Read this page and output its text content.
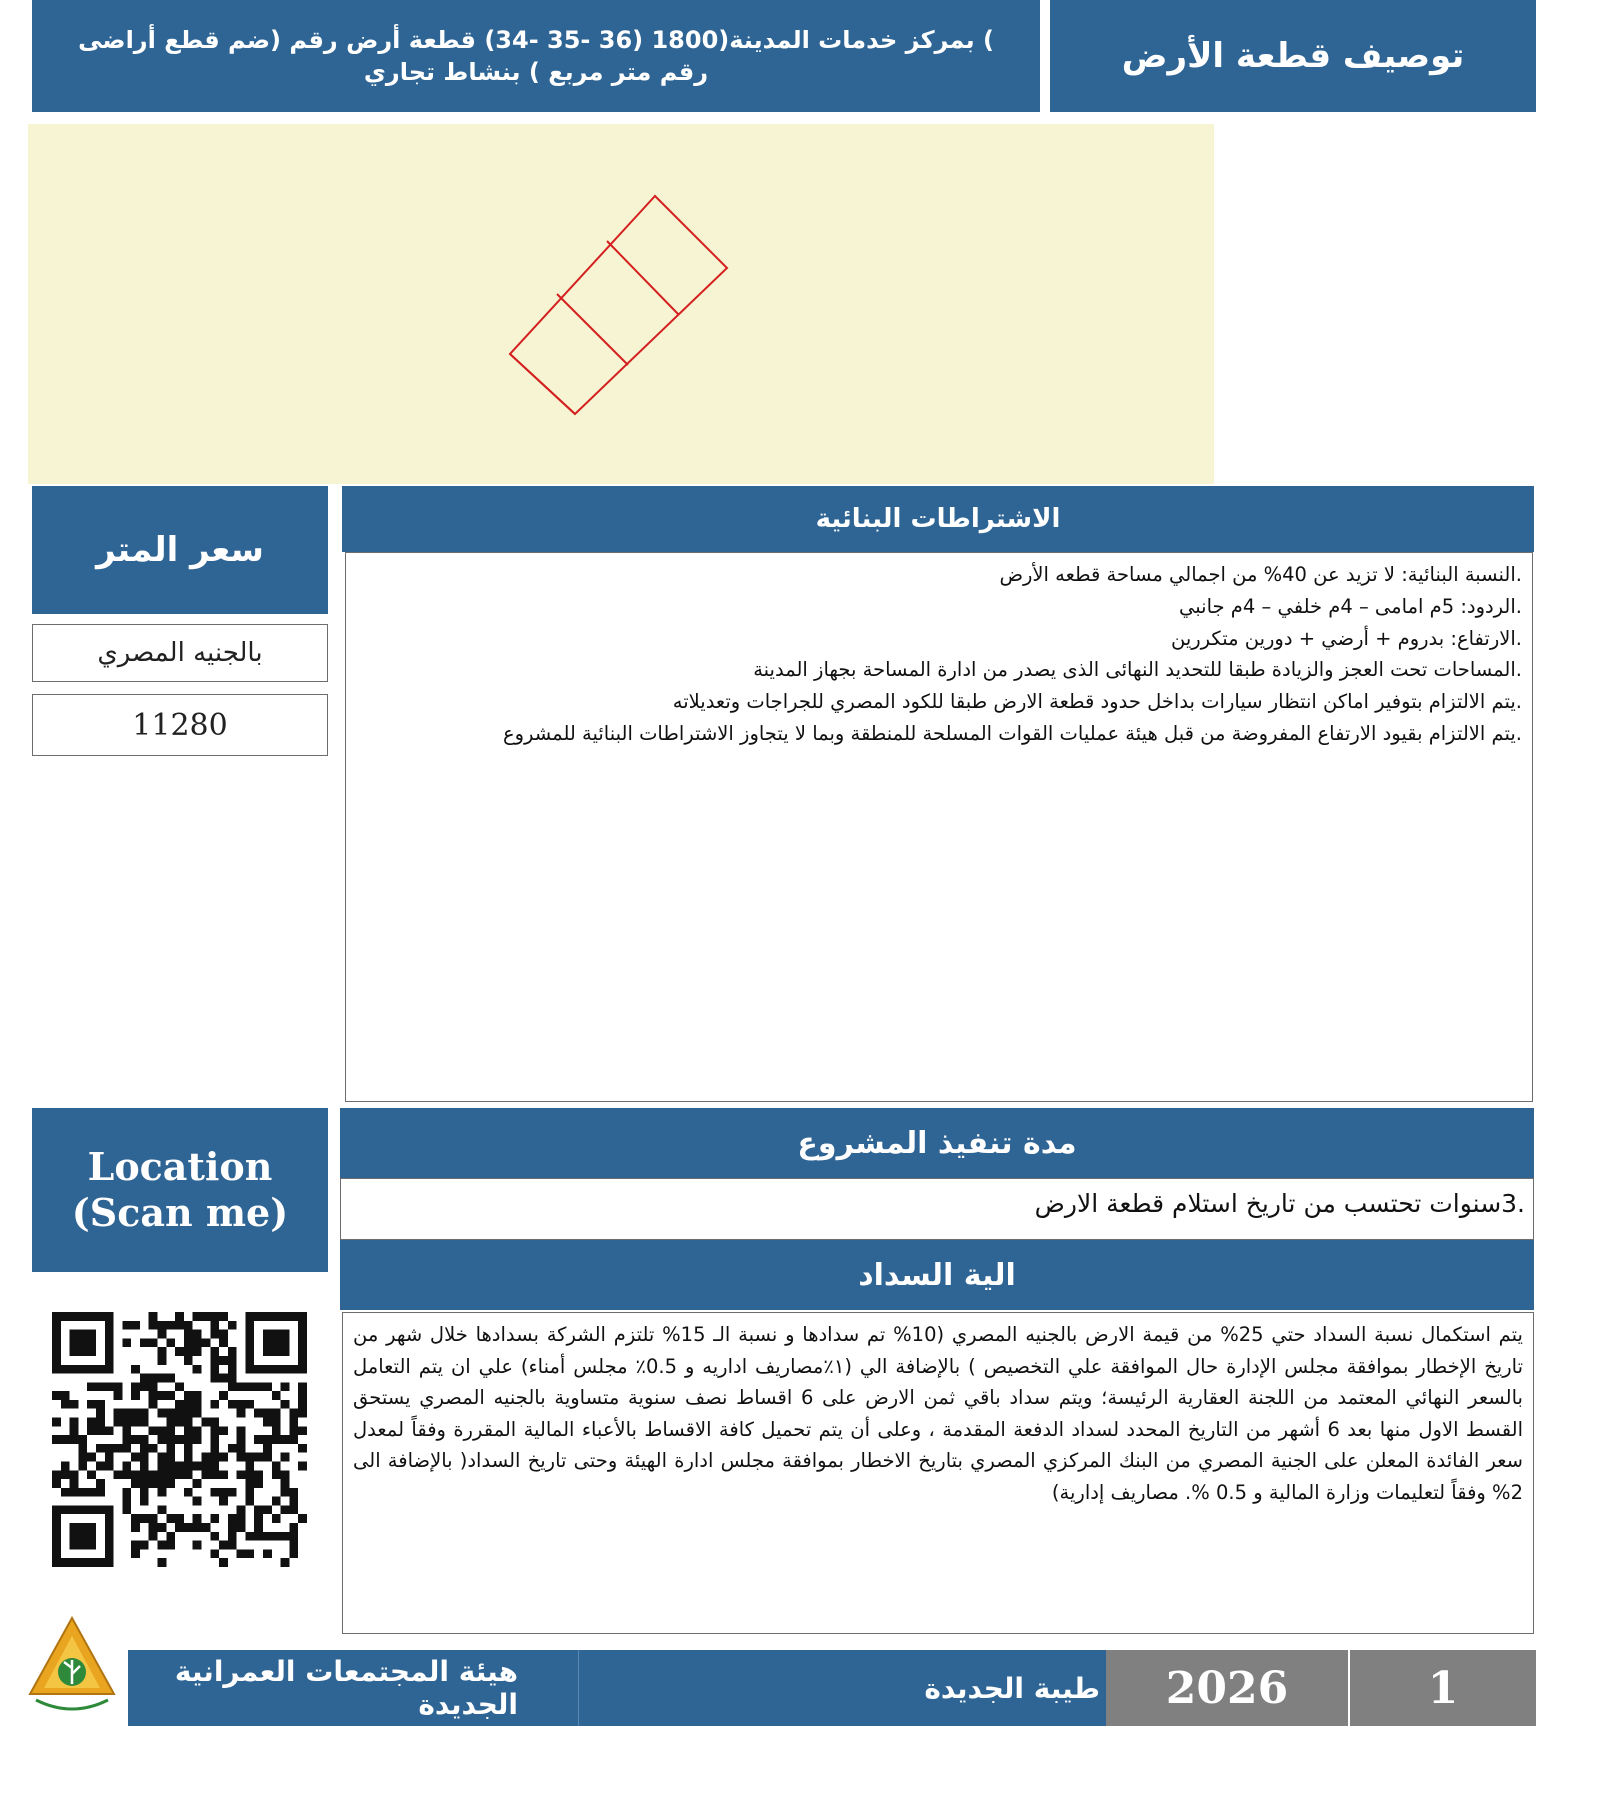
) بمركز خدمات المدينة(1800 (36 -35 -34) قطعة أرض رقم (ضم قطع أراضى رقم متر مربع ) بنشاط تجاري	توصيف قطعة الأرض
سعر المتر
بالجنيه المصري
11280
الاشتراطات البنائية

.النسبة البنائية: لا تزيد عن 40% من اجمالي مساحة قطعه الأرض

.الردود: 5م امامى – 4م خلفي – 4م جانبي

.الارتفاع: بدروم + أرضي + دورين متكررين

.المساحات تحت العجز والزيادة طبقا للتحديد النهائى الذى يصدر من ادارة المساحة بجهاز المدينة

.يتم الالتزام بتوفير اماكن انتظار سيارات بداخل حدود قطعة الارض طبقا للكود المصري للجراجات وتعديلاته

.يتم الالتزام بقيود الارتفاع المفروضة من قبل هيئة عمليات القوات المسلحة للمنطقة وبما لا يتجاوز الاشتراطات البنائية للمشروع

Location
(Scan me)
مدة تنفيذ المشروع
.3سنوات تحتسب من تاريخ استلام قطعة الارض
الية السداد
يتم استكمال نسبة السداد حتي 25% من قيمة الارض بالجنيه المصري (10% تم سدادها و نسبة الـ 15% تلتزم الشركة بسدادها خلال شهر من تاريخ الإخطار بموافقة مجلس الإدارة حال الموافقة علي التخصيص ) بالإضافة الي (١٪مصاريف اداريه و 0.5٪ مجلس أمناء) علي ان يتم التعامل بالسعر النهائي المعتمد من اللجنة العقارية الرئيسة؛ ويتم سداد باقي ثمن الارض على 6 اقساط نصف سنوية متساوية بالجنيه المصري يستحق القسط الاول منها بعد 6 أشهر من التاريخ المحدد لسداد الدفعة المقدمة ، وعلى أن يتم تحميل كافة الاقساط بالأعباء المالية المقررة وفقاً لمعدل سعر الفائدة المعلن على الجنية المصري من البنك المركزي المصري بتاريخ الاخطار بموافقة مجلس ادارة الهيئة وحتى تاريخ السداد( بالإضافة الى 2% وفقاً لتعليمات وزارة المالية و 0.5 %. مصاريف إدارية)
هيئة المجتمعات العمرانية الجديدة	طيبة الجديدة 2026	1
